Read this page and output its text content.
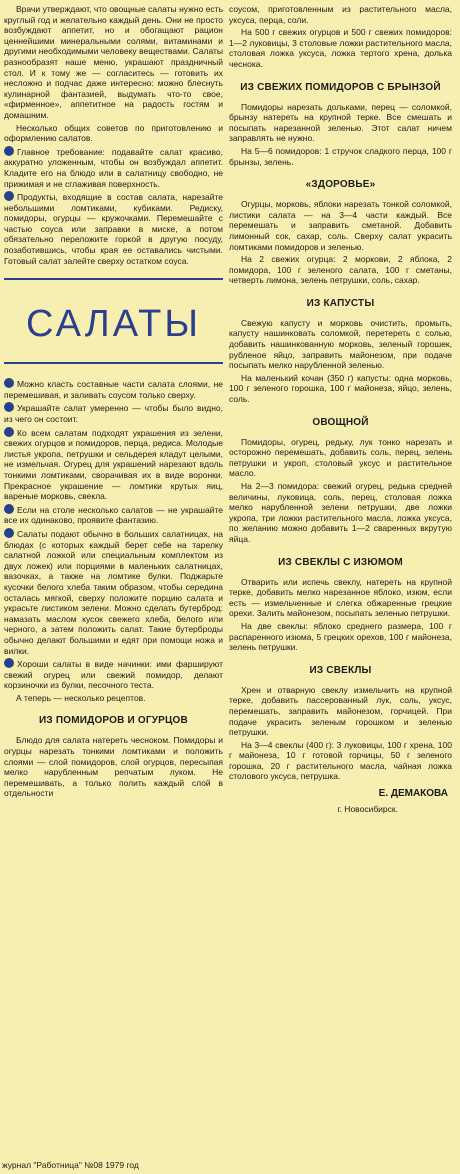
Врачи утверждают, что овощные салаты нужно есть круглый год и желательно каждый день. Они не просто возбуждают аппетит, но и обогащают рацион ценнейшими минеральными солями, витаминами и другими необходимыми человеку веществами. Салаты разнообразят наше меню, украшают праздничный стол. И к тому же — согласитесь — готовить их несложно и подчас даже интересно: можно блеснуть кулинарной фантазией, выдумать что-то свое, «фирменное», аппетитное на радость гостям и домашним.

Несколько общих советов по приготовлению и оформлению салатов.

Главное требование: подавайте салат красиво, аккуратно уложенным, чтобы он возбуждал аппетит. Кладите его на блюдо или в салатницу свободно, не прижимая и не сглаживая поверхность.

Продукты, входящие в состав салата, нарезайте небольшими ломтиками, кубиками. Редиску, помидоры, огурцы — кружочками. Перемешайте с частью соуса или заправки в миске, а потом обязательно переложите горкой в другую посуду, позаботившись, чтобы края ее оставались чистыми. Готовый салат залейте сверху остатком соуса.

САЛАТЫ

Можно класть составные части салата слоями, не перемешивая, и заливать соусом только сверху.

Украшайте салат умеренно — чтобы было видно, из чего он состоит.

Ко всем салатам подходят украшения из зелени, свежих огурцов и помидоров, перца, редиса. Молодые листья укропа, петрушки и сельдерея кладут целыми, не измельчая. Огурец для украшений нарезают вдоль тонкими ломтиками, сворачивая их в виде воронки. Прекрасное украшение — ломтики крутых яиц, вареные морковь, свекла.

Если на столе несколько салатов — не украшайте все их одинаково, проявите фантазию.

Салаты подают обычно в больших салатницах, на блюдах (с которых каждый берет себе на тарелку салатной ложкой или специальным комплектом из двух ложек) или порциями в маленьких салатницах, вазочках, а также на ломтике булки. Поджарьте кусочки белого хлеба таким образом, чтобы середина осталась мягкой, сверху положите порцию салата и украсьте листиком зелени. Можно сделать бутерброд: намазать маслом кусок свежего хлеба, белого или черного, а затем положить салат. Такие бутерброды обычно делают большими и едят при помощи ножа и вилки.

Хороши салаты в виде начинки: ими фаршируют свежий огурец или свежий помидор, делают корзиночки из булки, песочного теста.

А теперь — несколько рецептов.

ИЗ ПОМИДОРОВ И ОГУРЦОВ

Блюдо для салата натереть чесноком. Помидоры и огурцы нарезать тонкими ломтиками и положить слоями — слой помидоров, слой огурцов, пересыпая мелко нарубленным репчатым луком. Не перемешивать, а только полить каждый слой в отдельности

соусом, приготовленным из растительного масла, уксуса, перца, соли.

На 500 г свежих огурцов и 500 г свежих помидоров: 1—2 луковицы, 3 столовые ложки растительного масла, столовая ложка уксуса, ложка тертого хрена, долька чеснока.

ИЗ СВЕЖИХ ПОМИДОРОВ С БРЫНЗОЙ

Помидоры нарезать дольками, перец — соломкой, брынзу натереть на крупной терке. Все смешать и посыпать нарезанной зеленью. Этот салат ничем заправлять не нужно.

На 5—6 помидоров: 1 стручок сладкого перца, 100 г брынзы, зелень.

«ЗДОРОВЬЕ»

Огурцы, морковь, яблоки нарезать тонкой соломкой, листики салата — на 3—4 части каждый. Все перемешать и заправить сметаной. Добавить лимонный сок, сахар, соль. Сверху салат украсить ломтиками помидоров и зеленью.

На 2 свежих огурца: 2 моркови, 2 яблока, 2 помидора, 100 г зеленого салата, 100 г сметаны, четверть лимона, зелень петрушки, соль, сахар.

ИЗ КАПУСТЫ

Свежую капусту и морковь очистить, промыть, капусту нашинковать соломкой, перетереть с солью, добавить нашинкованную морковь, зеленый горошек, рубленое яйцо, заправить майонезом, при подаче посыпать мелко нарубленной зеленью.

На маленький кочан (350 г) капусты: одна морковь, 100 г зеленого горошка, 100 г майонеза, яйцо, зелень, соль.

ОВОЩНОЙ

Помидоры, огурец, редьку, лук тонко нарезать и осторожно перемешать, добавить соль, перец, зелень петрушки и укроп, столовый уксус и растительное масло.

На 2—3 помидора: свежий огурец, редька средней величины, луковица, соль, перец, столовая ложка мелко нарубленной зелени петрушки, две ложки укропа, три ложки растительного масла, ложка уксуса, по желанию можно добавить 1—2 сваренных вкрутую яйца.

ИЗ СВЕКЛЫ С ИЗЮМОМ

Отварить или испечь свеклу, натереть на крупной терке, добавить мелко нарезанное яблоко, изюм, если есть — измельченные и слегка обжаренные грецкие орехи. Залить майонезом, посыпать зеленью петрушки.

На две свеклы: яблоко среднего размера, 100 г распаренного изюма, 5 грецких орехов, 100 г майонеза, зелень петрушки.

ИЗ СВЕКЛЫ

Хрен и отварную свеклу измельчить на крупной терке, добавить пассерованный лук, соль, уксус, перемешать, заправить майонезом, горчицей. При подаче украсить зеленым горошком и зеленью петрушки.

На 3—4 свеклы (400 г): 3 луковицы, 100 г хрена, 100 г майонеза, 10 г готовой горчицы, 50 г зеленого горошка, 20 г растительного масла, чайная ложка столового уксуса, петрушка.

Е. ДЕМАКОВА
г. Новосибирск.
журнал "Работница" №08 1979 год
